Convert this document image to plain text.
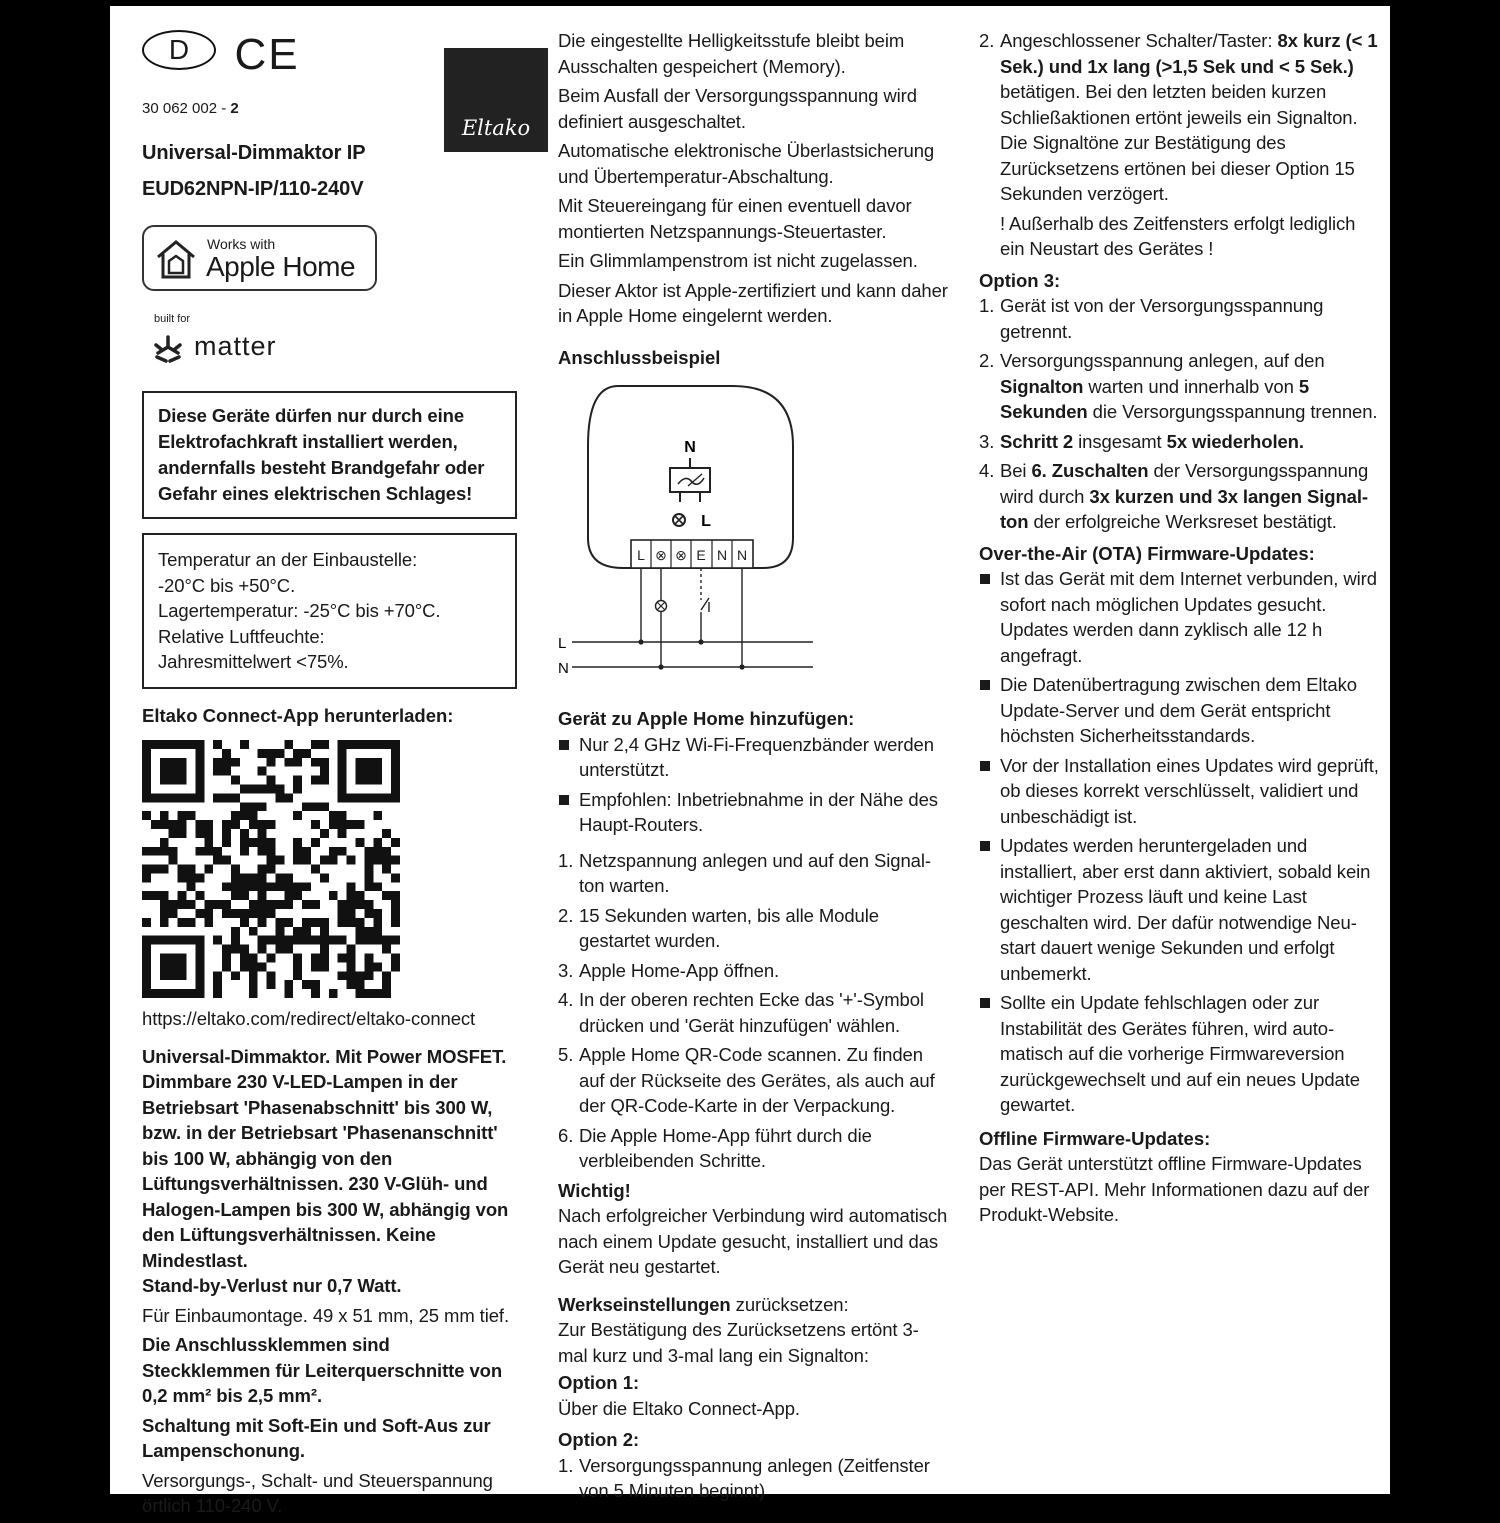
D CE
Eltako
30 062 002 - 2
Universal-Dimmaktor IP
EUD62NPN-IP/110-240V
Works with
Apple Home
built for
matter
Diese Geräte dürfen nur durch eine Elektrofachkraft installiert werden, andernfalls besteht Brandgefahr oder Gefahr eines elektrischen Schlages!
Temperatur an der Einbaustelle:
-20°C bis +50°C.
Lagertemperatur: -25°C bis +70°C.
Relative Luftfeuchte:
Jahresmittelwert <75%.
Eltako Connect-App herunterladen:
https://eltako.com/redirect/eltako-connect
Universal-Dimmaktor. Mit Power MOSFET. Dimmbare 230 V-LED-Lampen in der Betriebsart 'Phasenabschnitt' bis 300 W, bzw. in der Betriebsart 'Phasenanschnitt' bis 100 W, abhängig von den Lüftungsverhältnissen. 230 V-Glüh- und Halogen-Lampen bis 300 W, abhängig von den Lüftungsverhältnissen. Keine Mindestlast.
Stand-by-Verlust nur 0,7 Watt.
Für Einbaumontage. 49 x 51 mm, 25 mm tief.
Die Anschlussklemmen sind Steckklemmen für Leiterquerschnitte von 0,2 mm² bis 2,5 mm².
Schaltung mit Soft-Ein und Soft-Aus zur Lampenschonung.
Versorgungs-, Schalt- und Steuerspannung örtlich 110-240 V.
Die eingestellte Helligkeitsstufe bleibt beim Ausschalten gespeichert (Memory).
Beim Ausfall der Versorgungsspannung wird definiert ausgeschaltet.
Automatische elektronische Überlastsicherung und Übertemperatur-Abschaltung.
Mit Steuereingang für einen eventuell davor montierten Netzspannungs-Steuertaster.
Ein Glimmlampenstrom ist nicht zugelassen.
Dieser Aktor ist Apple-zertifiziert und kann daher in Apple Home eingelernt werden.
Anschlussbeispiel
N
L
L ⊗ ⊗ E N N
L
N
Gerät zu Apple Home hinzufügen:
Nur 2,4 GHz Wi-Fi-Frequenzbänder werden unterstützt.
Empfohlen: Inbetriebnahme in der Nähe des Haupt-Routers.
1. Netzspannung anlegen und auf den Signalton warten.
2. 15 Sekunden warten, bis alle Module gestartet wurden.
3. Apple Home-App öffnen.
4. In der oberen rechten Ecke das '+'-Symbol drücken und 'Gerät hinzufügen' wählen.
5. Apple Home QR-Code scannen. Zu finden auf der Rückseite des Gerätes, als auch auf der QR-Code-Karte in der Verpackung.
6. Die Apple Home-App führt durch die verbleibenden Schritte.
Wichtig!
Nach erfolgreicher Verbindung wird automatisch nach einem Update gesucht, installiert und das Gerät neu gestartet.
Werkseinstellungen zurücksetzen:
Zur Bestätigung des Zurücksetzens ertönt 3-mal kurz und 3-mal lang ein Signalton:
Option 1:
Über die Eltako Connect-App.
Option 2:
1. Versorgungsspannung anlegen (Zeitfenster von 5 Minuten beginnt)
2. Angeschlossener Schalter/Taster: 8x kurz (< 1 Sek.) und 1x lang (>1,5 Sek und < 5 Sek.) betätigen. Bei den letzten beiden kurzen Schließaktionen ertönt jeweils ein Signalton. Die Signaltöne zur Bestätigung des Zurücksetzens ertönen bei dieser Option 15 Sekunden verzögert.
! Außerhalb des Zeitfensters erfolgt lediglich ein Neustart des Gerätes !
Option 3:
1. Gerät ist von der Versorgungsspannung getrennt.
2. Versorgungsspannung anlegen, auf den Signalton warten und innerhalb von 5 Sekunden die Versorgungsspannung trennen.
3. Schritt 2 insgesamt 5x wiederholen.
4. Bei 6. Zuschalten der Versorgungsspannung wird durch 3x kurzen und 3x langen Signalton der erfolgreiche Werksreset bestätigt.
Over-the-Air (OTA) Firmware-Updates:
Ist das Gerät mit dem Internet verbunden, wird sofort nach möglichen Updates gesucht. Updates werden dann zyklisch alle 12 h angefragt.
Die Datenübertragung zwischen dem Eltako Update-Server und dem Gerät entspricht höchsten Sicherheitsstandards.
Vor der Installation eines Updates wird geprüft, ob dieses korrekt verschlüsselt, validiert und unbeschädigt ist.
Updates werden heruntergeladen und installiert, aber erst dann aktiviert, sobald kein wichtiger Prozess läuft und keine Last geschalten wird. Der dafür notwendige Neustart dauert wenige Sekunden und erfolgt unbemerkt.
Sollte ein Update fehlschlagen oder zur Instabilität des Gerätes führen, wird automatisch auf die vorherige Firmwareversion zurückgewechselt und auf ein neues Update gewartet.
Offline Firmware-Updates:
Das Gerät unterstützt offline Firmware-Updates per REST-API. Mehr Informationen dazu auf der Produkt-Website.
